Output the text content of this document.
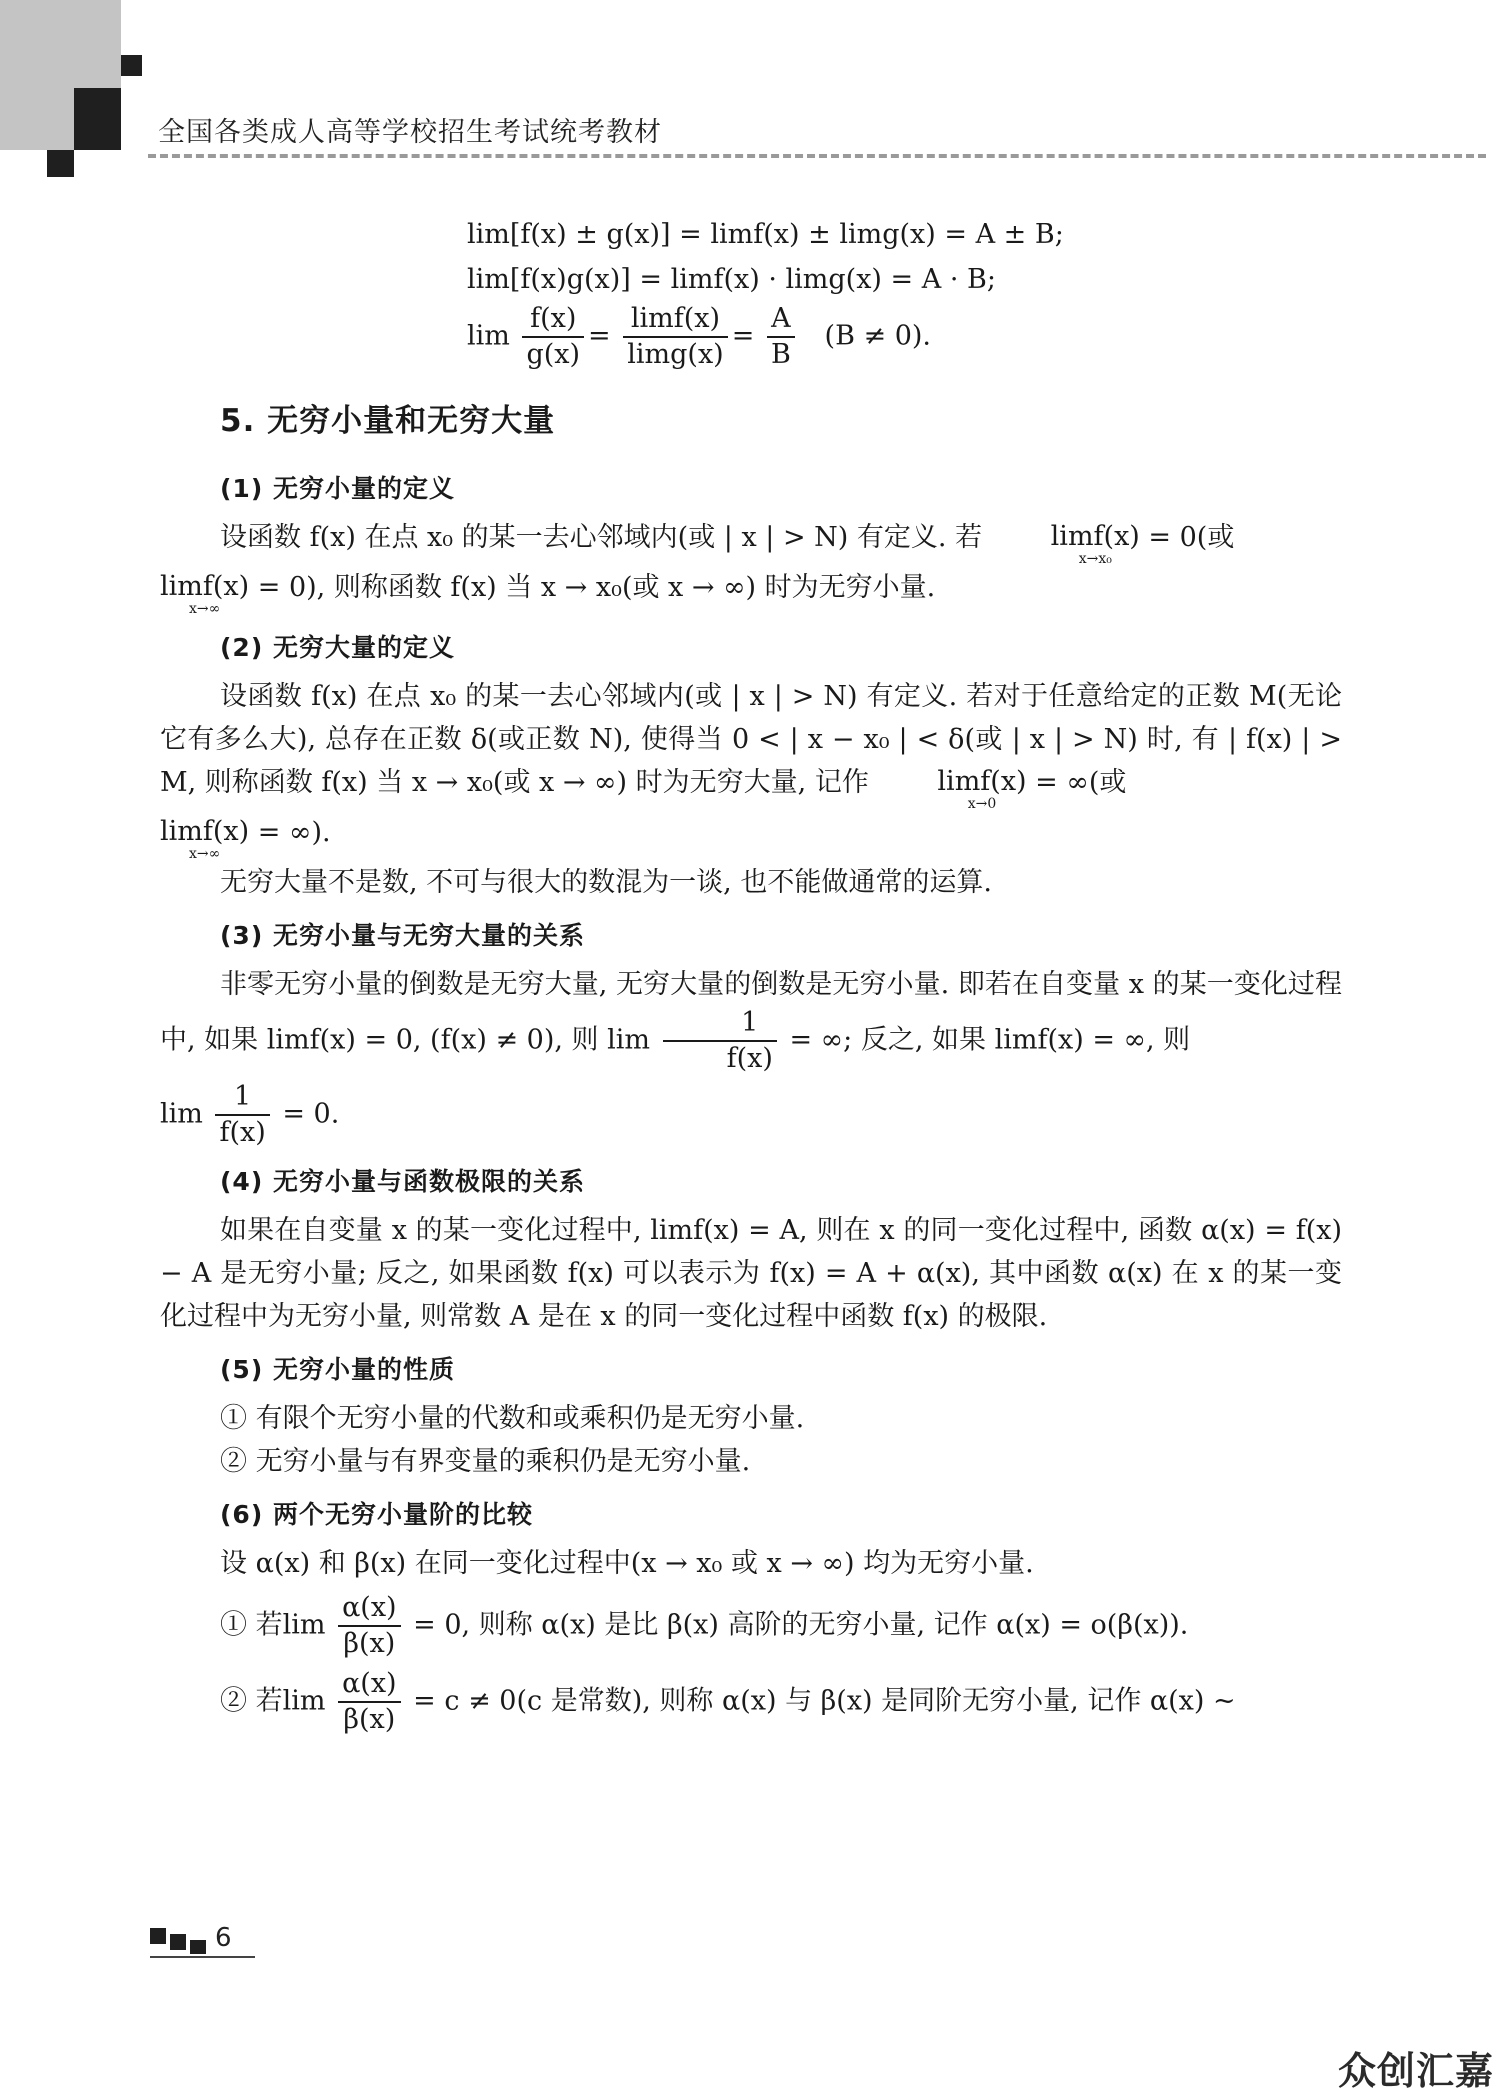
全国各类成人高等学校招生考试统考教材
lim[f(x) ± g(x)] = limf(x) ± limg(x) = A ± B;
lim[f(x)g(x)] = limf(x) · limg(x) = A · B;
$\lim \frac{f(x)}{g(x)} = \frac{\lim f(x)}{\lim g(x)} = \frac{A}{B} (B \ne 0)$.
5. 无穷小量和无穷大量
(1) 无穷小量的定义

设函数 f(x) 在点 x₀ 的某一去心邻域内(或 | x | > N) 有定义. 若	limf(x)
x→x₀
= 0(或

limf(x)
x→∞
= 0), 则称函数 f(x) 当 x → x₀(或 x → ∞) 时为无穷小量.

(2) 无穷大量的定义

设函数 f(x) 在点 x₀ 的某一去心邻域内(或 | x | > N) 有定义. 若对于任意给定的正数 M(无论它有多么大), 总存在正数 δ(或正数 N), 使得当 0 < | x − x₀ | < δ(或 | x | > N) 时, 有 | f(x) | > M, 则称函数 f(x) 当 x → x₀(或 x → ∞) 时为无穷大量, 记作	limf(x)
x→0
= ∞(或

limf(x)
x→∞
= ∞).

无穷大量不是数, 不可与很大的数混为一谈, 也不能做通常的运算.

(3) 无穷小量与无穷大量的关系

非零无穷小量的倒数是无穷大量, 无穷大量的倒数是无穷小量. 即若在自变量 x 的某一变化过程中, 如果 limf(x) = 0, (f(x) ≠ 0), 则 $\lim \frac{1}{f(x)}$ = ∞; 反之, 如果 limf(x) = ∞, 则

$\lim \frac{1}{f(x)} = 0$.

(4) 无穷小量与函数极限的关系

如果在自变量 x 的某一变化过程中, limf(x) = A, 则在 x 的同一变化过程中, 函数 α(x) = f(x) − A 是无穷小量; 反之, 如果函数 f(x) 可以表示为 f(x) = A + α(x), 其中函数 α(x) 在 x 的某一变化过程中为无穷小量, 则常数 A 是在 x 的同一变化过程中函数 f(x) 的极限.

(5) 无穷小量的性质

① 有限个无穷小量的代数和或乘积仍是无穷小量.

② 无穷小量与有界变量的乘积仍是无穷小量.

(6) 两个无穷小量阶的比较

设 α(x) 和 β(x) 在同一变化过程中(x → x₀ 或 x → ∞) 均为无穷小量.

① 若$\lim \frac{\alpha(x)}{\beta(x)} = 0$, 则称 α(x) 是比 β(x) 高阶的无穷小量, 记作 α(x) = o(β(x)).

② 若$\lim \frac{\alpha(x)}{\beta(x)} = c \ne 0(c$ 是常数), 则称 α(x) 与 β(x) 是同阶无穷小量, 记作 α(x) ~

6
众创汇嘉
